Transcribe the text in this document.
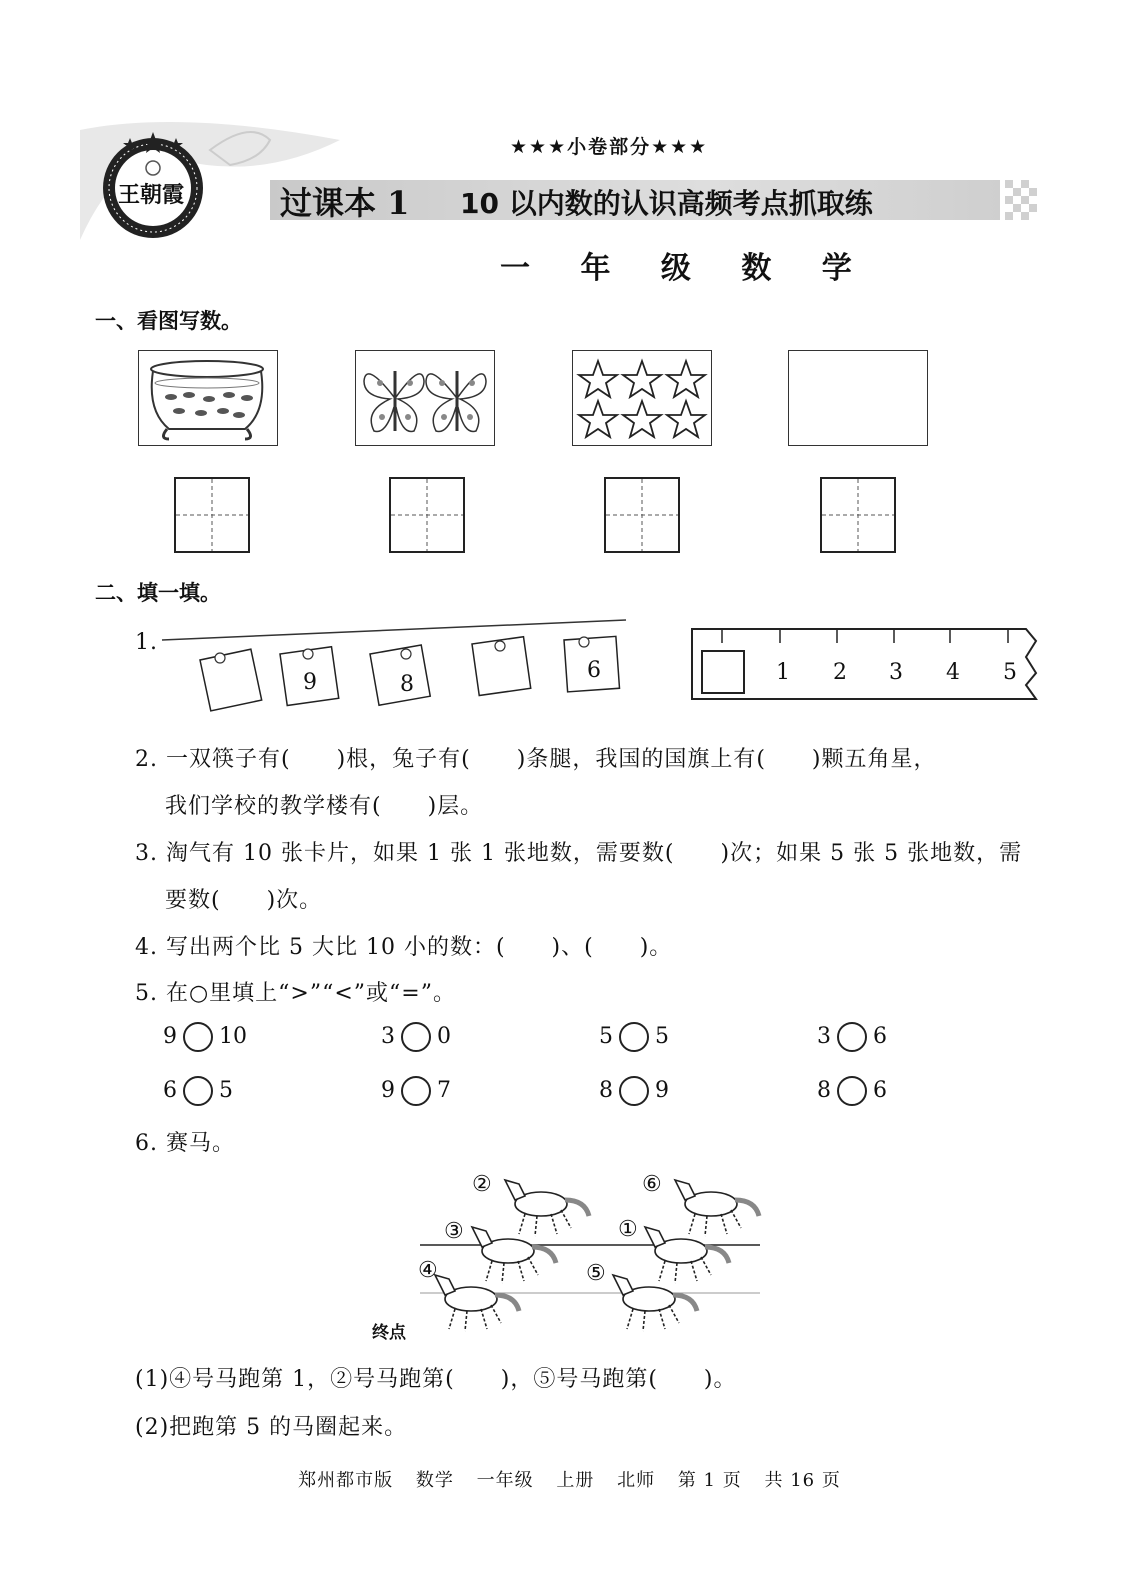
王朝霞
★★★小卷部分★★★
过课本 1 10 以内数的认识高频考点抓取练
一 年 级 数 学
一、看图写数。
二、填一填。
1.
9	8
6	1 2 3 4 5
2. 一双筷子有(　　)根，兔子有(　　)条腿，我国的国旗上有(　　)颗五角星，
我们学校的教学楼有(　　)层。
3. 淘气有 10 张卡片，如果 1 张 1 张地数，需要数(　　)次；如果 5 张 5 张地数，需
要数(　　)次。
4. 写出两个比 5 大比 10 小的数：(　　)、(　　)。
5. 在○里填上“>”“<”或“=”。
9 10	3 0	5 5	3 6
6 5	9 7	8 9	8 6
6. 赛马。
②	⑥
③	①
④	⑤
终点
(1)④号马跑第 1，②号马跑第(　　)，⑤号马跑第(　　)。
(2)把跑第 5 的马圈起来。
郑州都市版 数学 一年级 上册 北师 第 1 页 共 16 页
